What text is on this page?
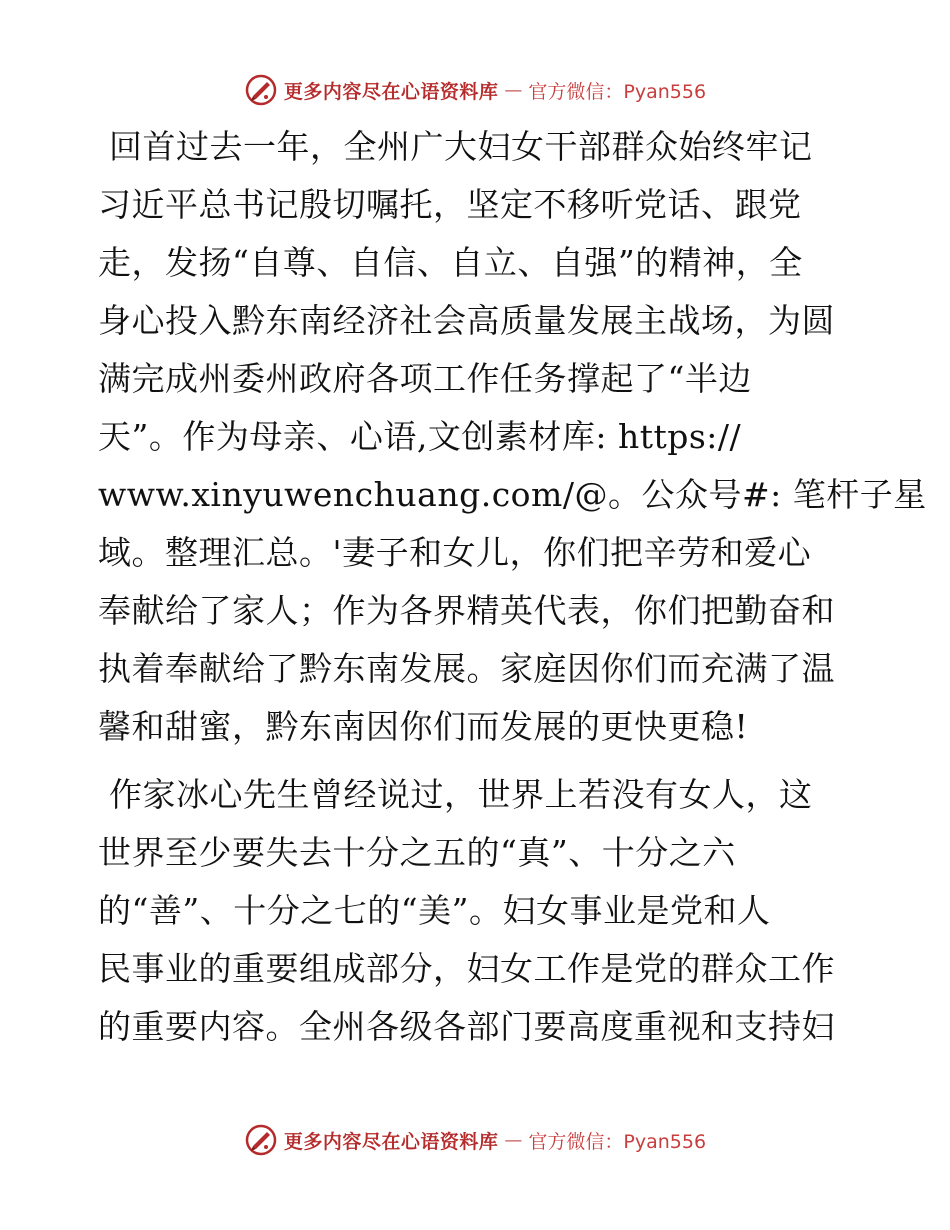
更多内容尽在心语资料库 — 官方微信：Pyan556
回首过去一年，全州广大妇女干部群众始终牢记
习近平总书记殷切嘱托，坚定不移听党话、跟党
走，发扬“自尊、自信、自立、自强”的精神，全
身心投入黔东南经济社会高质量发展主战场，为圆
满完成州委州政府各项工作任务撑起了“半边
天”。作为母亲、心语,文创素材库: https://
www.xinyuwenchuang.com/@。公众号#: 笔杆子星
域。整理汇总。'妻子和女儿，你们把辛劳和爱心
奉献给了家人；作为各界精英代表，你们把勤奋和
执着奉献给了黔东南发展。家庭因你们而充满了温
馨和甜蜜，黔东南因你们而发展的更快更稳!
作家冰心先生曾经说过，世界上若没有女人，这
世界至少要失去十分之五的“真”、十分之六
的“善”、十分之七的“美”。妇女事业是党和人
民事业的重要组成部分，妇女工作是党的群众工作
的重要内容。全州各级各部门要高度重视和支持妇
更多内容尽在心语资料库 — 官方微信：Pyan556
